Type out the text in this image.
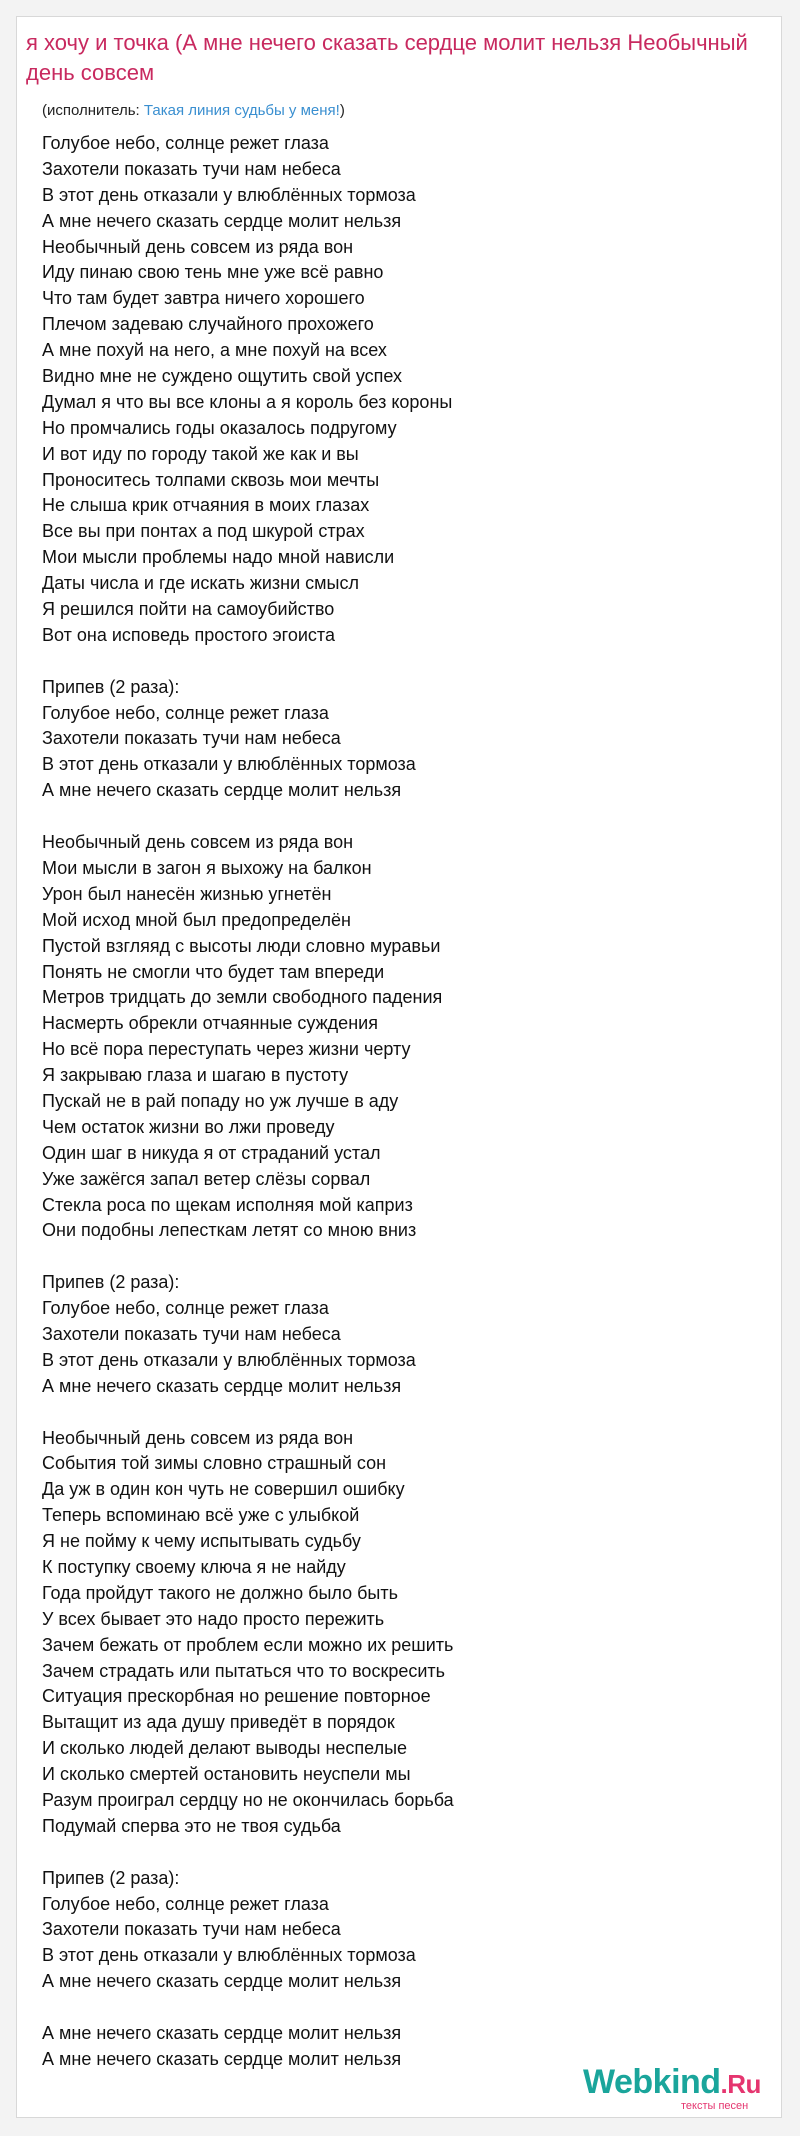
я хочу и точка (А мне нечего сказать сердце молит нельзя Необычный день совсем

(исполнитель: Такая линия судьбы у меня!)

Голубое небо, солнце режет глаза
Захотели показать тучи нам небеса
В этот день отказали у влюблённых тормоза
А мне нечего сказать сердце молит нельзя
Необычный день совсем из ряда вон
Иду пинаю свою тень мне уже всё равно
Что там будет завтра ничего хорошего
Плечом задеваю случайного прохожего
А мне похуй на него, а мне похуй на всех
Видно мне не суждено ощутить свой успех
Думал я что вы все клоны а я король без короны
Но промчались годы оказалось подругому
И вот иду по городу такой же как и вы
Проноситесь толпами сквозь мои мечты
Не слыша крик отчаяния в моих глазах
Все вы при понтах а под шкурой страх
Мои мысли проблемы надо мной нависли
Даты числа и где искать жизни смысл
Я решился пойти на самоубийство
Вот она исповедь простого эгоиста
Припев (2 раза):
Голубое небо, солнце режет глаза
Захотели показать тучи нам небеса
В этот день отказали у влюблённых тормоза
А мне нечего сказать сердце молит нельзя
Необычный день совсем из ряда вон
Мои мысли в загон я выхожу на балкон
Урон был нанесён жизнью угнетён
Мой исход мной был предопределён
Пустой взгляяд с высоты люди словно муравьи
Понять не смогли что будет там впереди
Метров тридцать до земли свободного падения
Насмерть обрекли отчаянные суждения
Но всё пора переступать через жизни черту
Я закрываю глаза и шагаю в пустоту
Пускай не в рай попаду но уж лучше в аду
Чем остаток жизни во лжи проведу
Один шаг в никуда я от страданий устал
Уже зажёгся запал ветер слёзы сорвал
Стекла роса по щекам исполняя мой каприз
Они подобны лепесткам летят со мною вниз
Припев (2 раза):
Голубое небо, солнце режет глаза
Захотели показать тучи нам небеса
В этот день отказали у влюблённых тормоза
А мне нечего сказать сердце молит нельзя
Необычный день совсем из ряда вон
События той зимы словно страшный сон
Да уж в один кон чуть не совершил ошибку
Теперь вспоминаю всё уже с улыбкой
Я не пойму к чему испытывать судьбу
К поступку своему ключа я не найду
Года пройдут такого не должно было быть
У всех бывает это надо просто пережить
Зачем бежать от проблем если можно их решить
Зачем страдать или пытаться что то воскресить
Ситуация прескорбная но решение повторное
Вытащит из ада душу приведёт в порядок
И сколько людей делают выводы неспелые
И сколько смертей остановить неуспели мы
Разум проиграл сердцу но не окончилась борьба
Подумай сперва это не твоя судьба
Припев (2 раза):
Голубое небо, солнце режет глаза
Захотели показать тучи нам небеса
В этот день отказали у влюблённых тормоза
А мне нечего сказать сердце молит нельзя
А мне нечего сказать сердце молит нельзя
А мне нечего сказать сердце молит нельзя
Webkind.Ru
тексты песен
